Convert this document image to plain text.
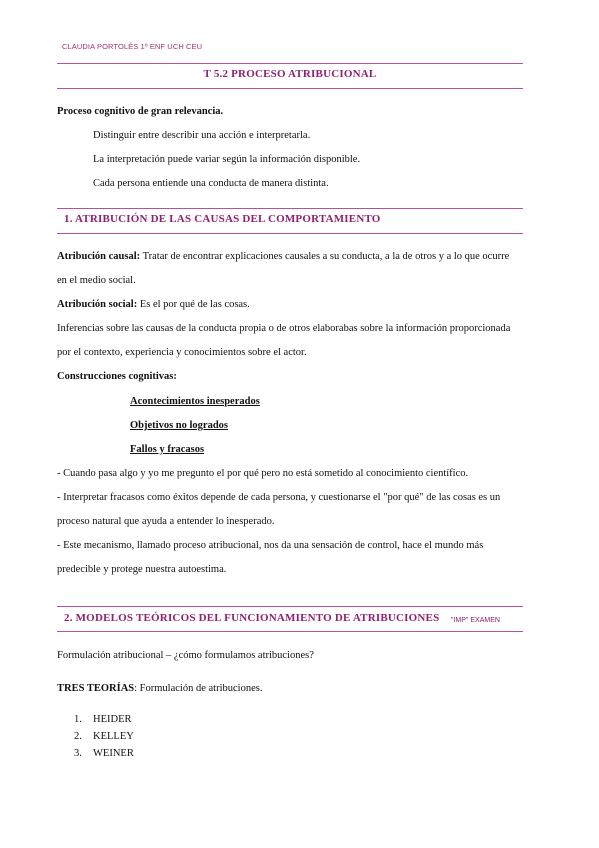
CLAUDIA PORTOLÉS 1º ENF UCH CEU
T 5.2 PROCESO ATRIBUCIONAL
Proceso cognitivo de gran relevancia.
Distinguir entre describir una acción e interpretarla.
La interpretación puede variar según la información disponible.
Cada persona entiende una conducta de manera distinta.
1. ATRIBUCIÓN DE LAS CAUSAS DEL COMPORTAMIENTO
Atribución causal: Tratar de encontrar explicaciones causales a su conducta, a la de otros y a lo que ocurre
en el medio social.
Atribución social: Es el por qué de las cosas.
Inferencias sobre las causas de la conducta propia o de otros elaborabas sobre la información proporcionada
por el contexto, experiencia y conocimientos sobre el actor.
Construcciones cognitivas:
Acontecimientos inesperados
Objetivos no logrados
Fallos y fracasos
- Cuando pasa algo y yo me pregunto el por qué pero no está sometido al conocimiento científico.
- Interpretar fracasos como éxitos depende de cada persona, y cuestionarse el "por qué" de las cosas es un
proceso natural que ayuda a entender lo inesperado.
- Este mecanismo, llamado proceso atribucional, nos da una sensación de control, hace el mundo más
predecible y protege nuestra autoestima.
2. MODELOS TEÓRICOS DEL FUNCIONAMIENTO DE ATRIBUCIONES "IMP" EXAMEN
Formulación atribucional – ¿cómo formulamos atribuciones?
TRES TEORÍAS: Formulación de atribuciones.
1. HEIDER
2. KELLEY
3. WEINER
